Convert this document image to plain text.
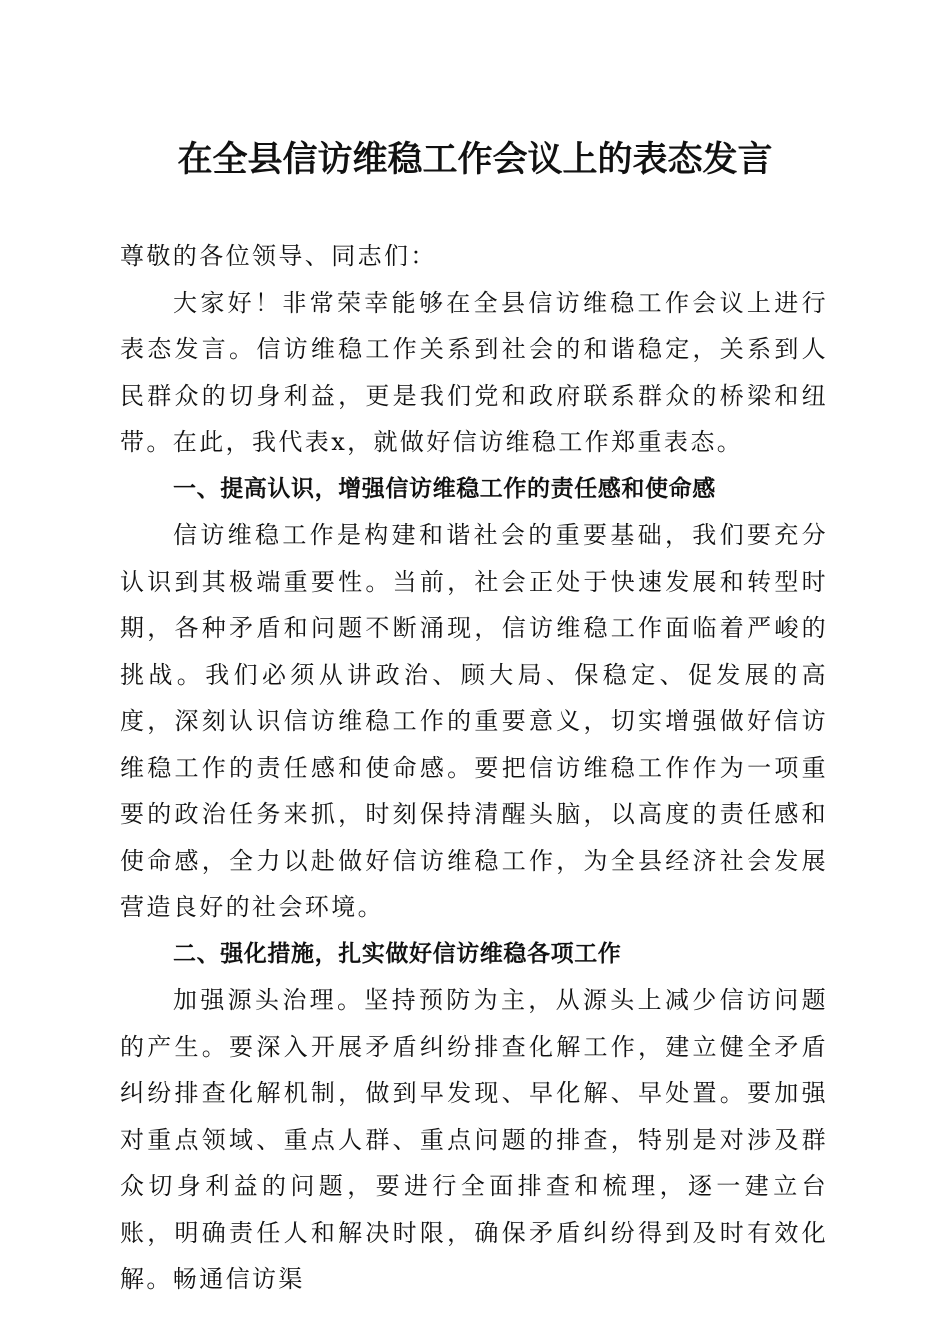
在全县信访维稳工作会议上的表态发言

尊敬的各位领导、同志们：

大家好！非常荣幸能够在全县信访维稳工作会议上进行表态发言。信访维稳工作关系到社会的和谐稳定，关系到人民群众的切身利益，更是我们党和政府联系群众的桥梁和纽带。在此，我代表x，就做好信访维稳工作郑重表态。

一、提高认识，增强信访维稳工作的责任感和使命感

信访维稳工作是构建和谐社会的重要基础，我们要充分认识到其极端重要性。当前，社会正处于快速发展和转型时期，各种矛盾和问题不断涌现，信访维稳工作面临着严峻的挑战。我们必须从讲政治、顾大局、保稳定、促发展的高度，深刻认识信访维稳工作的重要意义，切实增强做好信访维稳工作的责任感和使命感。要把信访维稳工作作为一项重要的政治任务来抓，时刻保持清醒头脑，以高度的责任感和使命感，全力以赴做好信访维稳工作，为全县经济社会发展营造良好的社会环境。

二、强化措施，扎实做好信访维稳各项工作

加强源头治理。坚持预防为主，从源头上减少信访问题的产生。要深入开展矛盾纠纷排查化解工作，建立健全矛盾纠纷排查化解机制，做到早发现、早化解、早处置。要加强对重点领域、重点人群、重点问题的排查，特别是对涉及群众切身利益的问题，要进行全面排查和梳理，逐一建立台账，明确责任人和解决时限，确保矛盾纠纷得到及时有效化解。畅通信访渠
